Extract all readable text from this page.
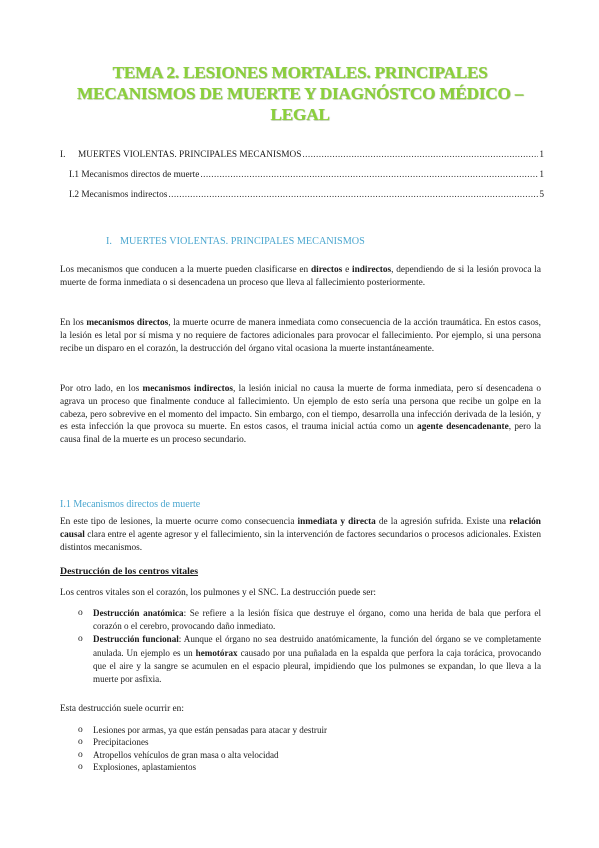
TEMA 2. LESIONES MORTALES. PRINCIPALES
MECANISMOS DE MUERTE Y DIAGNÓSTCO MÉDICO –
LEGAL
I.	MUERTES VIOLENTAS. PRINCIPALES MECANISMOS .....	1
I.1 Mecanismos directos de muerte .....	1
I.2 Mecanismos indirectos .....	5
I. MUERTES VIOLENTAS. PRINCIPALES MECANISMOS

Los mecanismos que conducen a la muerte pueden clasificarse en directos e indirectos, dependiendo de si la lesión provoca la muerte de forma inmediata o si desencadena un proceso que lleva al fallecimiento posteriormente.

En los mecanismos directos, la muerte ocurre de manera inmediata como consecuencia de la acción traumática. En estos casos, la lesión es letal por sí misma y no requiere de factores adicionales para provocar el fallecimiento. Por ejemplo, si una persona recibe un disparo en el corazón, la destrucción del órgano vital ocasiona la muerte instantáneamente.

Por otro lado, en los mecanismos indirectos, la lesión inicial no causa la muerte de forma inmediata, pero sí desencadena o agrava un proceso que finalmente conduce al fallecimiento. Un ejemplo de esto sería una persona que recibe un golpe en la cabeza, pero sobrevive en el momento del impacto. Sin embargo, con el tiempo, desarrolla una infección derivada de la lesión, y es esta infección la que provoca su muerte. En estos casos, el trauma inicial actúa como un agente desencadenante, pero la causa final de la muerte es un proceso secundario.

I.1 Mecanismos directos de muerte

En este tipo de lesiones, la muerte ocurre como consecuencia inmediata y directa de la agresión sufrida. Existe una relación causal clara entre el agente agresor y el fallecimiento, sin la intervención de factores secundarios o procesos adicionales. Existen distintos mecanismos.

Destrucción de los centros vitales

Los centros vitales son el corazón, los pulmones y el SNC. La destrucción puede ser:

o Destrucción anatómica: Se refiere a la lesión física que destruye el órgano, como una herida de bala que perfora el corazón o el cerebro, provocando daño inmediato.
o Destrucción funcional: Aunque el órgano no sea destruido anatómicamente, la función del órgano se ve completamente anulada. Un ejemplo es un hemotórax causado por una puñalada en la espalda que perfora la caja torácica, provocando que el aire y la sangre se acumulen en el espacio pleural, impidiendo que los pulmones se expandan, lo que lleva a la muerte por asfixia.

Esta destrucción suele ocurrir en:

o Lesiones por armas, ya que están pensadas para atacar y destruir
o Precipitaciones
o Atropellos vehículos de gran masa o alta velocidad
o Explosiones, aplastamientos
